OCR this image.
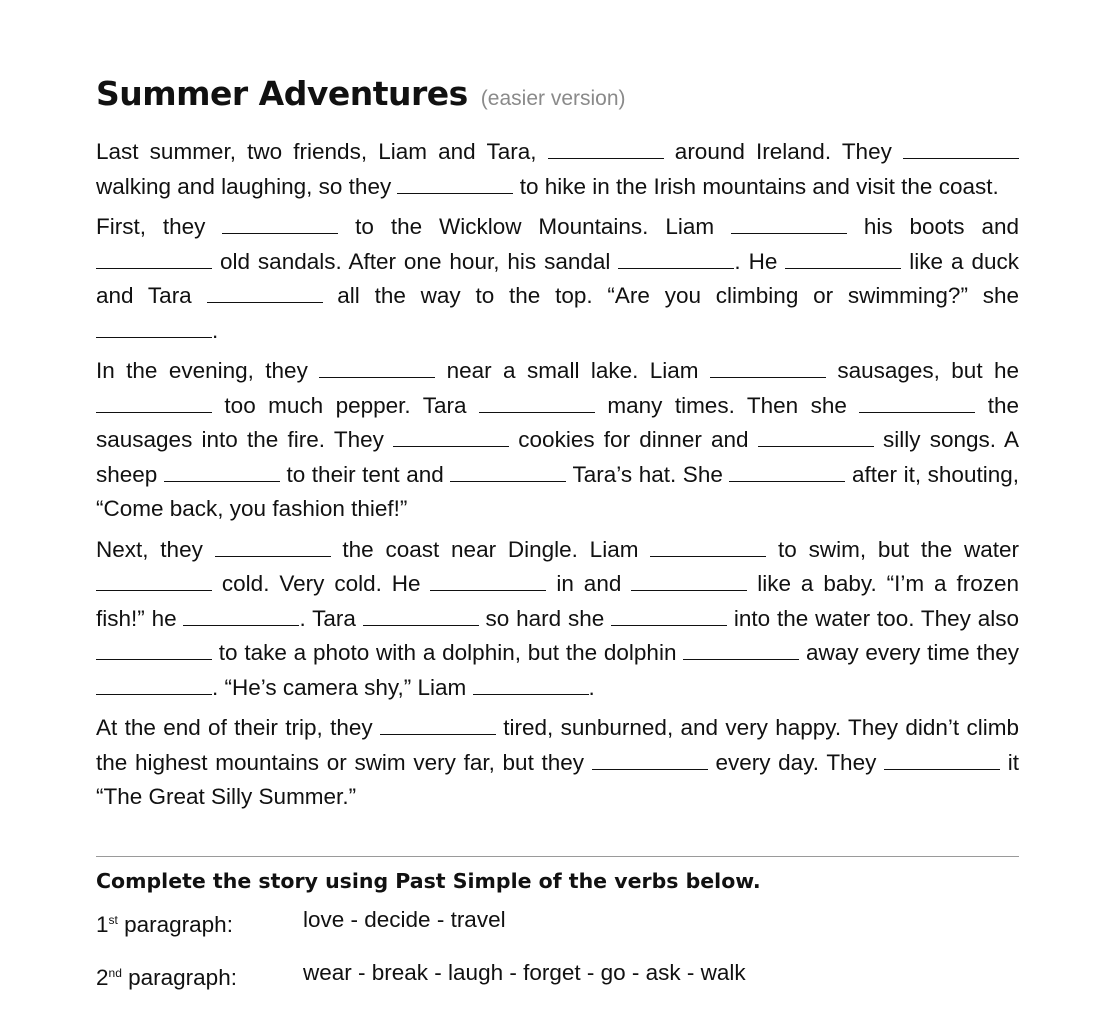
Summer Adventures (easier version)

Last summer, two friends, Liam and Tara,	around Ireland. They  walking and laughing, so they	to hike in the Irish mountains and visit the coast.

First, they	to the Wicklow Mountains. Liam	his boots and  old sandals. After one hour, his sandal	. He	like a duck and Tara	all the way to the top. “Are you climbing or swimming?” she .

In the evening, they	near a small lake. Liam	sausages, but he  too much pepper. Tara	many times. Then she	the sausages into the fire. They	cookies for dinner and	silly songs. A sheep	to their tent and	Tara’s hat. She	after it, shouting, “Come back, you fashion thief!”

Next, they	the coast near Dingle. Liam	to swim, but the water  cold. Very cold. He	in and	like a baby. “I’m a frozen fish!” he	. Tara	so hard she	into the water too. They also  to take a photo with a dolphin, but the dolphin	away every time they . “He’s camera shy,” Liam	.

At the end of their trip, they	tired, sunburned, and very happy. They didn’t climb the highest mountains or swim very far, but they	every day. They	it “The Great Silly Summer.”

Complete the story using Past Simple of the verbs below.
1st paragraph:	love - decide - travel
2nd paragraph:	wear - break - laugh - forget - go - ask - walk
